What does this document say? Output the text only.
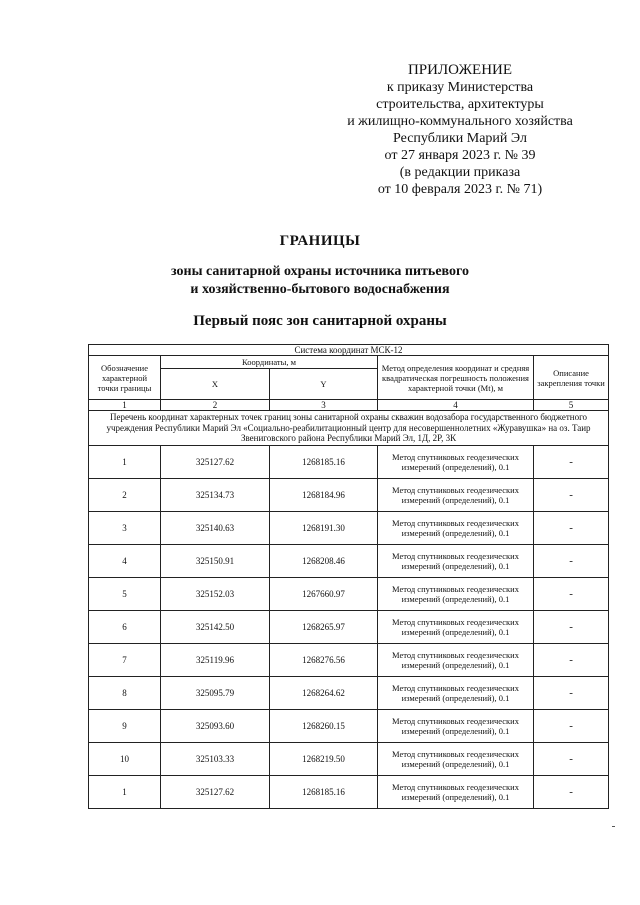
ПРИЛОЖЕНИЕ
к приказу Министерства
строительства, архитектуры
и жилищно-коммунального хозяйства
Республики Марий Эл
от 27 января 2023 г. № 39
(в редакции приказа
от 10 февраля 2023 г. № 71)
ГРАНИЦЫ
зоны санитарной охраны источника питьевого
и хозяйственно-бытового водоснабжения
Первый пояс зон санитарной охраны
Система координат МСК-12				
Обозначение характерной точки границы	Координаты, м		Метод определения координат и средняя квадратическая погрешность положения характерной точки (Mt), м	Описание закрепления точки
	X	Y		
1	2	3	4	5
Перечень координат характерных точек границ зоны санитарной охраны скважин водозабора государственного бюджетного учреждения Республики Марий Эл «Социально-реабилитационный центр для несовершеннолетних «Журавушка» на оз. Таир Звениговского района Республики Марий Эл, 1Д, 2Р, 3К				
1	325127.62	1268185.16	Метод спутниковых геодезических измерений (определений), 0.1	-
2	325134.73	1268184.96	Метод спутниковых геодезических измерений (определений), 0.1	-
3	325140.63	1268191.30	Метод спутниковых геодезических измерений (определений), 0.1	-
4	325150.91	1268208.46	Метод спутниковых геодезических измерений (определений), 0.1	-
5	325152.03	1267660.97	Метод спутниковых геодезических измерений (определений), 0.1	-
6	325142.50	1268265.97	Метод спутниковых геодезических измерений (определений), 0.1	-
7	325119.96	1268276.56	Метод спутниковых геодезических измерений (определений), 0.1	-
8	325095.79	1268264.62	Метод спутниковых геодезических измерений (определений), 0.1	-
9	325093.60	1268260.15	Метод спутниковых геодезических измерений (определений), 0.1	-
10	325103.33	1268219.50	Метод спутниковых геодезических измерений (определений), 0.1	-
1	325127.62	1268185.16	Метод спутниковых геодезических измерений (определений), 0.1	-
